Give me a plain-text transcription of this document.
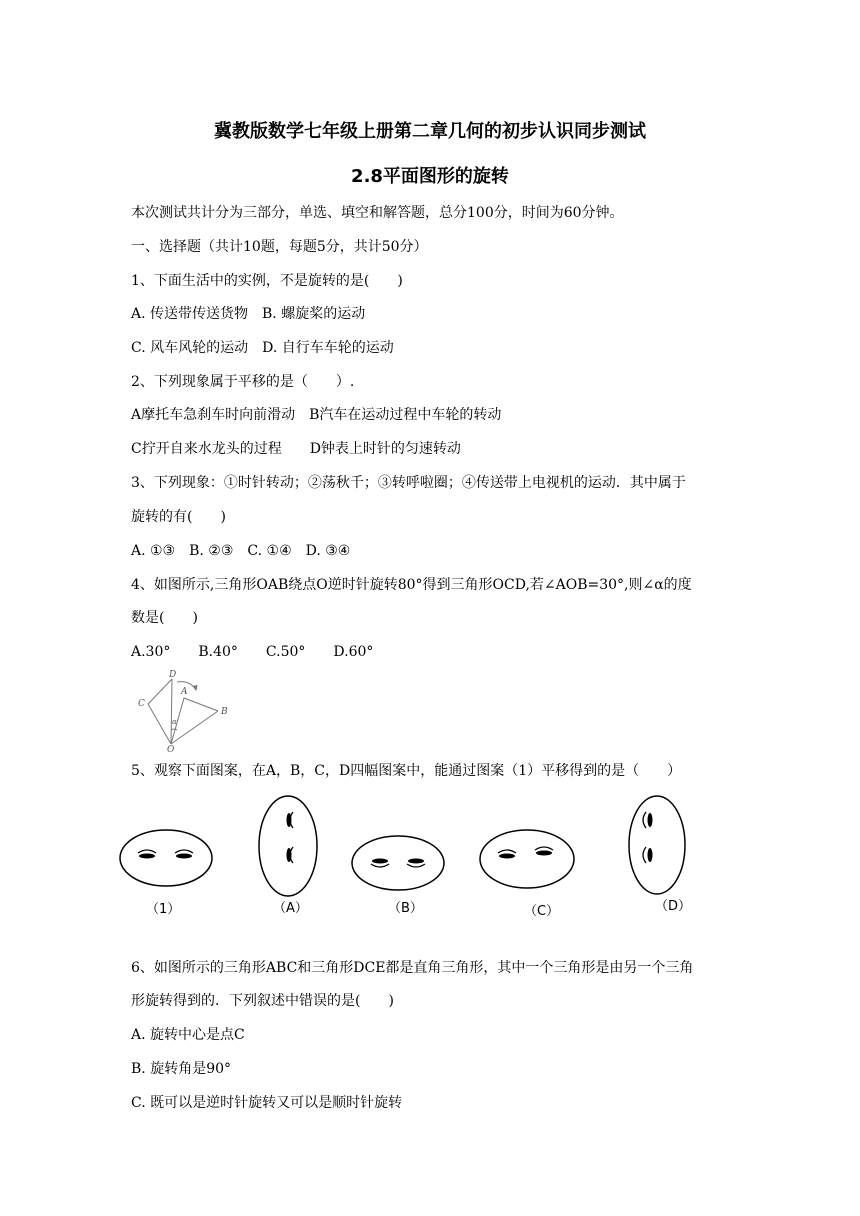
冀教版数学七年级上册第二章几何的初步认识同步测试
2.8平面图形的旋转
本次测试共计分为三部分，单选、填空和解答题，总分100分，时间为60分钟。
一、选择题（共计10题，每题5分，共计50分）
1、下面生活中的实例，不是旋转的是(　　)
A. 传送带传送货物　B. 螺旋桨的运动
C. 风车风轮的运动　D. 自行车车轮的运动
2、下列现象属于平移的是（　　）.
A摩托车急刹车时向前滑动　B汽车在运动过程中车轮的转动
C拧开自来水龙头的过程　　D钟表上时针的匀速转动
3、下列现象：①时针转动；②荡秋千；③转呼啦圈；④传送带上电视机的运动．其中属于
旋转的有(　　)
A. ①③　B. ②③　C. ①④　D. ③④
4、如图所示,三角形OAB绕点O逆时针旋转80°得到三角形OCD,若∠AOB=30°,则∠α的度
数是(　　)
A.30°　　B.40°　　C.50°　　D.60°
D
A
B
C
O
α
5、观察下面图案，在A，B，C，D四幅图案中，能通过图案（1）平移得到的是（　　）
（1）	（A）	（B）	（C）	（D）
6、如图所示的三角形ABC和三角形DCE都是直角三角形，其中一个三角形是由另一个三角
形旋转得到的．下列叙述中错误的是(　　)
A. 旋转中心是点C
B. 旋转角是90°
C. 既可以是逆时针旋转又可以是顺时针旋转
